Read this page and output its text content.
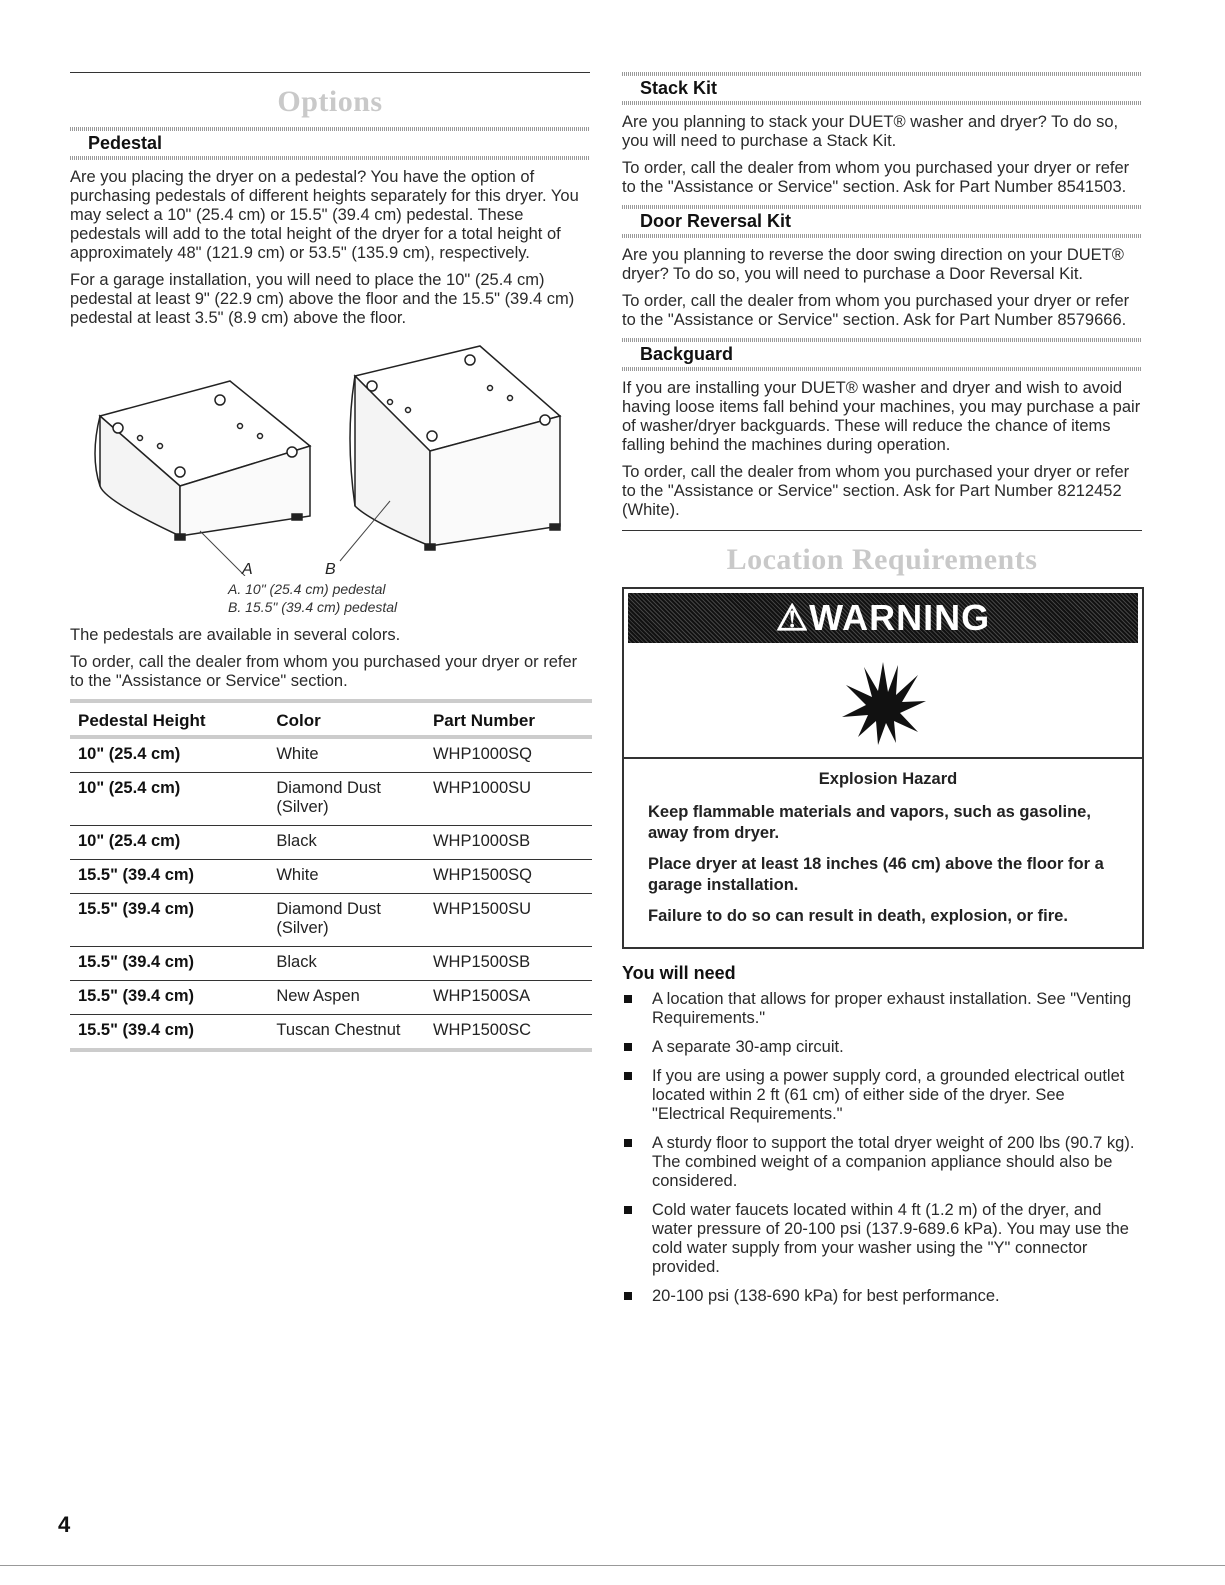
Options
Pedestal

Are you placing the dryer on a pedestal? You have the option of purchasing pedestals of different heights separately for this dryer. You may select a 10" (25.4 cm) or 15.5" (39.4 cm) pedestal. These pedestals will add to the total height of the dryer for a total height of approximately 48" (121.9 cm) or 53.5" (135.9 cm), respectively.

For a garage installation, you will need to place the 10" (25.4 cm) pedestal at least 9" (22.9 cm) above the floor and the 15.5" (39.4 cm) pedestal at least 3.5" (8.9 cm) above the floor.

A	B
A. 10" (25.4 cm) pedestal
B. 15.5" (39.4 cm) pedestal

The pedestals are available in several colors.

To order, call the dealer from whom you purchased your dryer or refer to the "Assistance or Service" section.

Pedestal Height	Color	Part Number
10" (25.4 cm)	White	WHP1000SQ
10" (25.4 cm)	Diamond Dust (Silver)	WHP1000SU
10" (25.4 cm)	Black	WHP1000SB
15.5" (39.4 cm)	White	WHP1500SQ
15.5" (39.4 cm)	Diamond Dust (Silver)	WHP1500SU
15.5" (39.4 cm)	Black	WHP1500SB
15.5" (39.4 cm)	New Aspen	WHP1500SA
15.5" (39.4 cm)	Tuscan Chestnut	WHP1500SC
Stack Kit

Are you planning to stack your DUET® washer and dryer? To do so, you will need to purchase a Stack Kit.

To order, call the dealer from whom you purchased your dryer or refer to the "Assistance or Service" section. Ask for Part Number 8541503.

Door Reversal Kit

Are you planning to reverse the door swing direction on your DUET® dryer? To do so, you will need to purchase a Door Reversal Kit.

To order, call the dealer from whom you purchased your dryer or refer to the "Assistance or Service" section. Ask for Part Number 8579666.

Backguard

If you are installing your DUET® washer and dryer and wish to avoid having loose items fall behind your machines, you may purchase a pair of washer/dryer backguards. These will reduce the chance of items falling behind the machines during operation.

To order, call the dealer from whom you purchased your dryer or refer to the "Assistance or Service" section. Ask for Part Number 8212452 (White).

Location Requirements
⚠WARNING
Explosion Hazard

Keep flammable materials and vapors, such as gasoline, away from dryer.

Place dryer at least 18 inches (46 cm) above the floor for a garage installation.

Failure to do so can result in death, explosion, or fire.

You will need
A location that allows for proper exhaust installation. See "Venting Requirements."
A separate 30-amp circuit.
If you are using a power supply cord, a grounded electrical outlet located within 2 ft (61 cm) of either side of the dryer. See "Electrical Requirements."
A sturdy floor to support the total dryer weight of 200 lbs (90.7 kg). The combined weight of a companion appliance should also be considered.
Cold water faucets located within 4 ft (1.2 m) of the dryer, and water pressure of 20-100 psi (137.9-689.6 kPa). You may use the cold water supply from your washer using the "Y" connector provided.
20-100 psi (138-690 kPa) for best performance.
4
